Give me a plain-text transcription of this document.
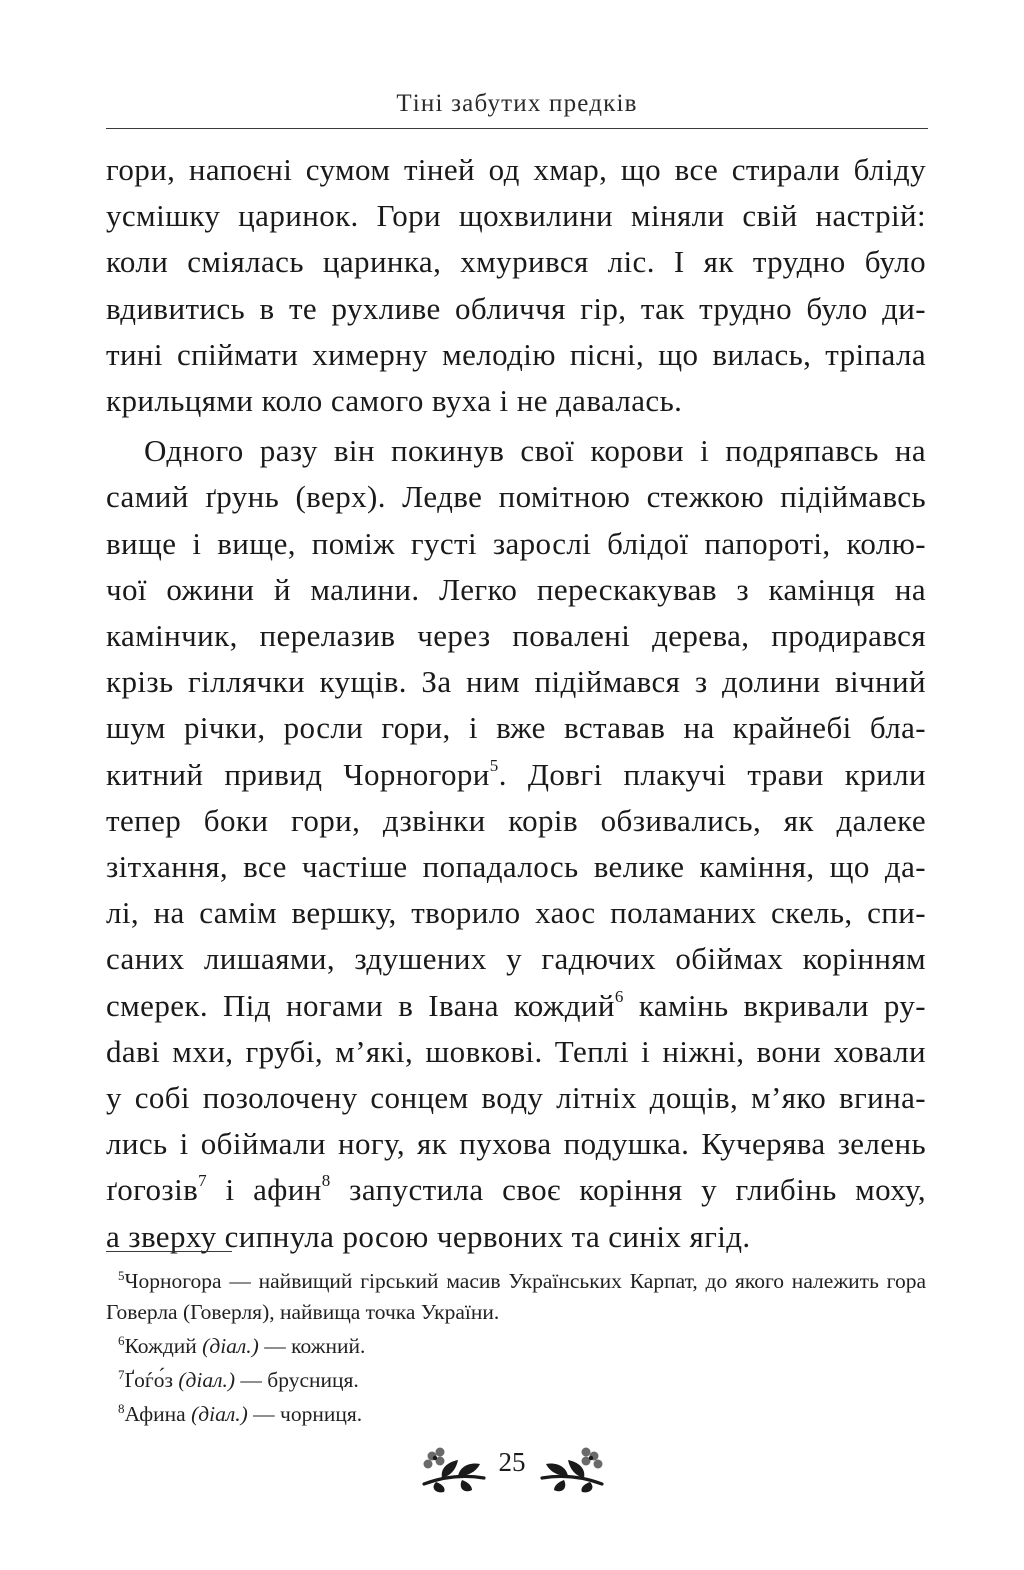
Тіні забутих предків
гори, напоєні сумом тіней од хмар, що все стирали бліду
усмішку царинок. Гори щохвилини міняли свій настрій:
коли сміялась царинка, хмурився ліс. І як трудно було
вдивитись в те рухливе обличчя гір, так трудно було ди-
тині спіймати химерну мелодію пісні, що вилась, тріпала
крильцями коло самого вуха і не давалась.
Одного разу він покинув свої корови і подряпавсь на
самий ґрунь (верх). Ледве помітною стежкою підіймавсь
вище і вище, поміж густі зарослі блідої папороті, колю-
чої ожини й малини. Легко перескакував з камінця на
камінчик, перелазив через повалені дерева, продирався
крізь гіллячки кущів. За ним підіймався з долини вічний
шум річки, росли гори, і вже вставав на крайнебі бла-
китний привид Чорногори$^5$. Довгі плакучі трави крили
тепер боки гори, дзвінки корів обзивались, як далеке
зітхання, все частіше попадалось велике каміння, що да-
лі, на самім вершку, творило хаос поламаних скель, спи-
саних лишаями, здушених у гадючих обіймах корінням
смерек. Під ногами в Івана кождий$^6$ камінь вкривали ру-
daві мхи, грубі, м’які, шовкові. Теплі і ніжні, вони ховали
у собі позолочену сонцем воду літніх дощів, м’яко вгина-
лись і обіймали ногу, як пухова подушка. Кучерява зелень
ґогозів$^7$ і афин$^8$ запустила своє коріння у глибінь моху,
а зверху сипнула росою червоних та синіх ягід.
$^5$Чорногора — найвищий гірський масив Українських Карпат, до якого належить гора Говерла (Говерля), найвища точка України.
$^6$Кождий (діал.) — кожний.
$^7$Ґоѓо́з (діал.) — брусниця.
$^8$Афина (діал.) — чорниця.
25
